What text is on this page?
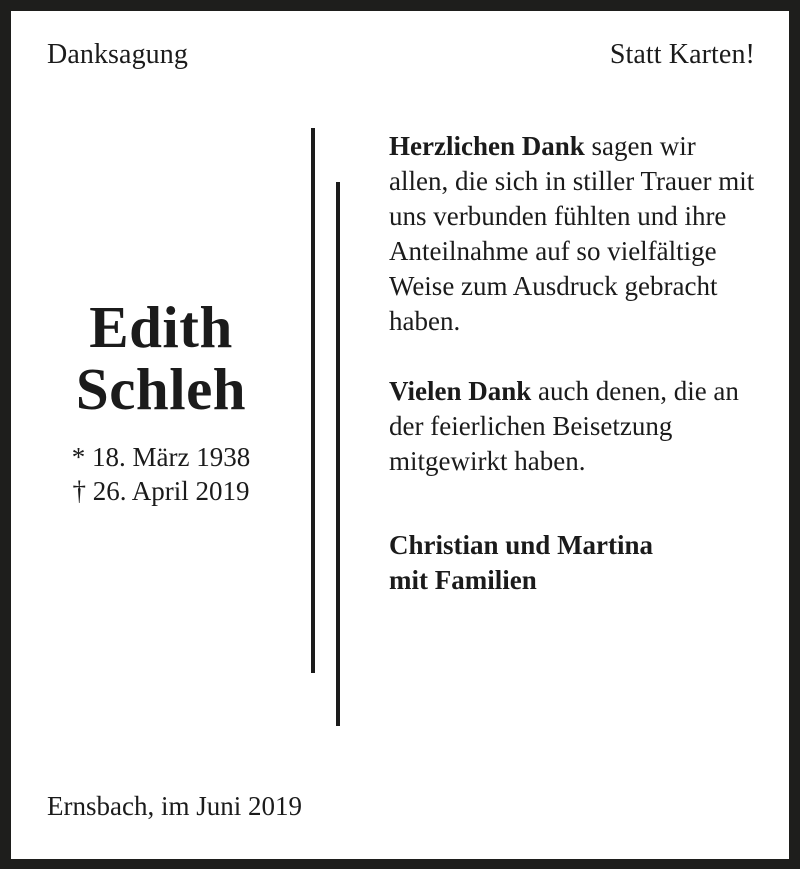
Danksagung	Statt Karten!
Edith
Schleh
* 18. März 1938
† 26. April 2019

Herzlichen Dank sagen wir allen, die sich in stiller Trauer mit uns verbunden fühlten und ihre Anteilnahme auf so vielfältige Weise zum Ausdruck gebracht haben.

Vielen Dank auch denen, die an der feierlichen Beisetzung mitgewirkt haben.

Christian und Martina
mit Familien
Ernsbach, im Juni 2019
